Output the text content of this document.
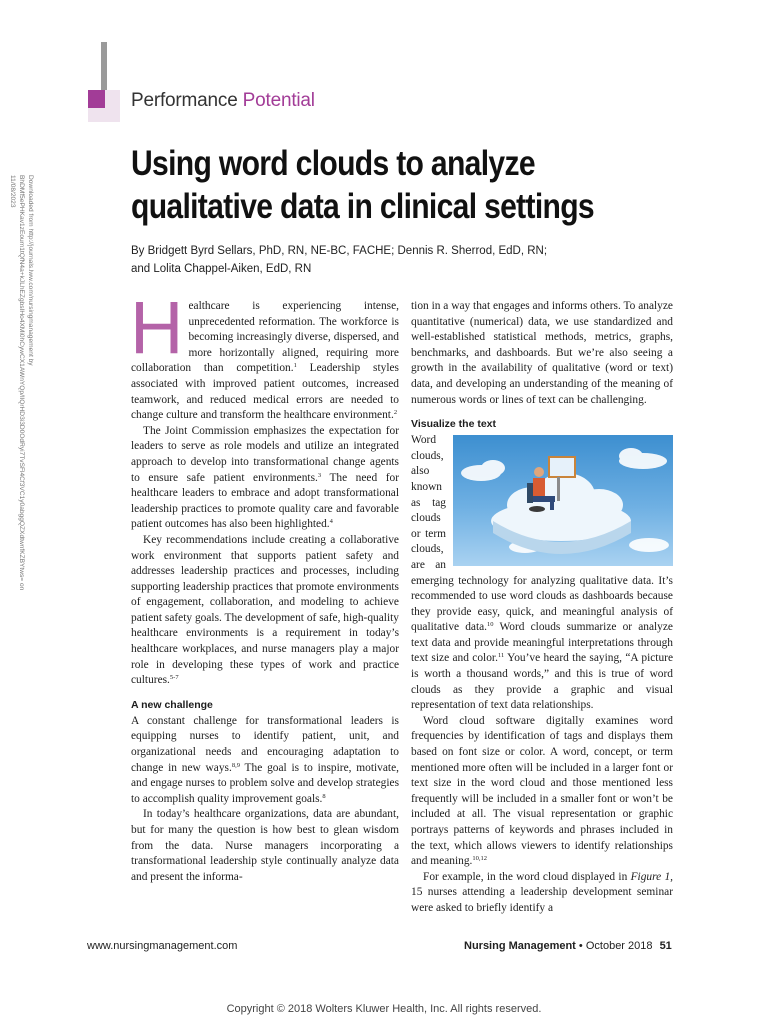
Downloaded from http://journals.lww.com/nursingmanagement by BhDMf5ePHKav1zEoum1tQfN4a+kJLhEZgbsIHo4XMi0hCywCX1AWnYQp/IlQrHD3i3D0OdRyi7TvSFl4Cf3VC1y0abggQZXdtwnfKZBYtws= on 11/08/2023
Performance Potential
Using word clouds to analyze qualitative data in clinical settings
By Bridgett Byrd Sellars, PhD, RN, NE-BC, FACHE; Dennis R. Sherrod, EdD, RN;
and Lolita Chappel-Aiken, EdD, RN

Healthcare is experiencing intense, unprecedented reformation. The workforce is becoming increasingly diverse, dispersed, and more horizontally aligned, requiring more collaboration than competition.$^1$ Leadership styles associated with improved patient outcomes, increased teamwork, and reduced medical errors are needed to change culture and transform the healthcare environment.$^2$

The Joint Commission emphasizes the expectation for leaders to serve as role models and utilize an integrated approach to develop into transformational change agents to ensure safe patient environments.$^3$ The need for healthcare leaders to embrace and adopt transformational leadership practices to promote quality care and favorable patient outcomes has also been highlighted.$^4$

Key recommendations include creating a collaborative work environment that supports patient safety and addresses leadership practices and processes, including supporting leadership practices that promote environments of engagement, collaboration, and modeling to achieve patient safety goals. The development of safe, high-quality healthcare environments is a requirement in today’s healthcare workplaces, and nurse managers play a major role in developing these types of work and practice cultures.$^{5-7}$

A new challenge

A constant challenge for transformational leaders is equipping nurses to identify patient, unit, and organizational needs and encouraging adaptation to change in new ways.$^{8,9}$ The goal is to inspire, motivate, and engage nurses to problem solve and develop strategies to accomplish quality improvement goals.$^8$

In today’s healthcare organizations, data are abundant, but for many the question is how best to glean wisdom from the data. Nurse managers incorporating a transformational leadership style continually analyze data and present the informa-

tion in a way that engages and informs others. To analyze quantitative (numerical) data, we use standardized and well-established statistical methods, metrics, graphs, benchmarks, and dashboards. But we’re also seeing a growth in the availability of qualitative (word or text) data, and developing an understanding of the meaning of numerous words or lines of text can be challenging.

Visualize the text

Word clouds, also known as tag clouds or term clouds, are an emerging technology for analyzing qualitative data. It’s recommended to use word clouds as dashboards because they provide easy, quick, and meaningful analysis of qualitative data.$^{10}$ Word clouds summarize or analyze text data and provide meaningful interpretations through text size and color.$^{11}$ You’ve heard the saying, “A picture is worth a thousand words,” and this is true of word clouds as they provide a graphic and visual representation of text data relationships.

Word cloud software digitally examines word frequencies by identification of tags and displays them based on font size or color. A word, concept, or term mentioned more often will be included in a larger font or text size in the word cloud and those mentioned less frequently will be included in a smaller font or won’t be included at all. The visual representation or graphic portrays patterns of keywords and phrases included in the text, which allows viewers to identify relationships and meaning.$^{10,12}$

For example, in the word cloud displayed in Figure 1, 15 nurses attending a leadership development seminar were asked to briefly identify a

www.nursingmanagement.com	Nursing Management • October 2018 51
Copyright © 2018 Wolters Kluwer Health, Inc. All rights reserved.
